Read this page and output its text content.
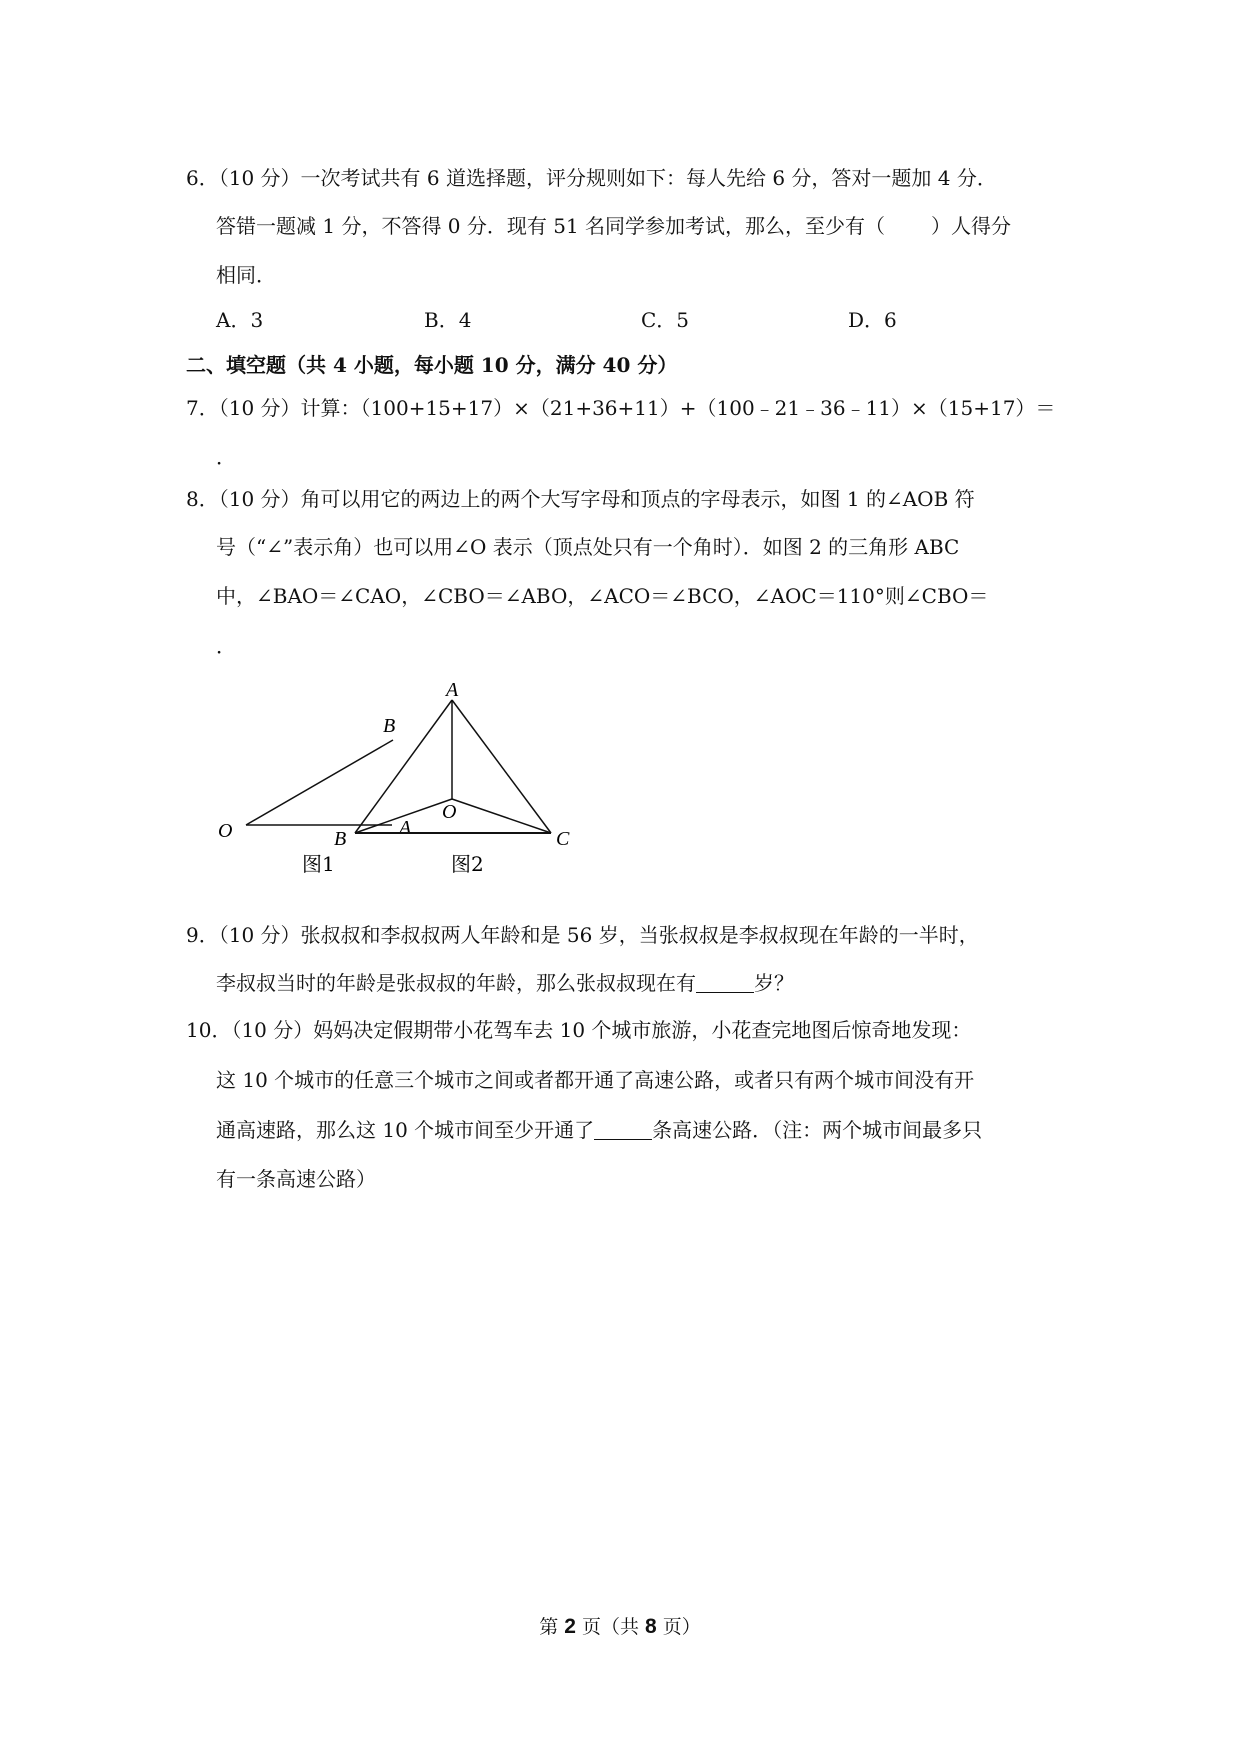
6．（10 分）一次考试共有 6 道选择题，评分规则如下：每人先给 6 分，答对一题加 4 分．
答错一题减 1 分，不答得 0 分．现有 51 名同学参加考试，那么，至少有（ ）人得分
相同．
A．3	B．4	C．5	D．6
二、填空题（共 4 小题，每小题 10 分，满分 40 分）
7．（10 分）计算：（100+15+17）×（21+36+11）+（100﹣21﹣36﹣11）×（15+17）＝
．
8．（10 分）角可以用它的两边上的两个大写字母和顶点的字母表示，如图 1 的∠AOB 符
号（“∠”表示角）也可以用∠O 表示（顶点处只有一个角时）．如图 2 的三角形 ABC
中，∠BAO＝∠CAO，∠CBO＝∠ABO，∠ACO＝∠BCO，∠AOC＝110°则∠CBO＝
．
O	A
B
图1
A
B	C
O
图2
9．（10 分）张叔叔和李叔叔两人年龄和是 56 岁，当张叔叔是李叔叔现在年龄的一半时，
李叔叔当时的年龄是张叔叔的年龄，那么张叔叔现在有	岁？
10．（10 分）妈妈决定假期带小花驾车去 10 个城市旅游，小花查完地图后惊奇地发现：
这 10 个城市的任意三个城市之间或者都开通了高速公路，或者只有两个城市间没有开
通高速路，那么这 10 个城市间至少开通了	条高速公路．（注：两个城市间最多只
有一条高速公路）
第 2 页（共 8 页）
